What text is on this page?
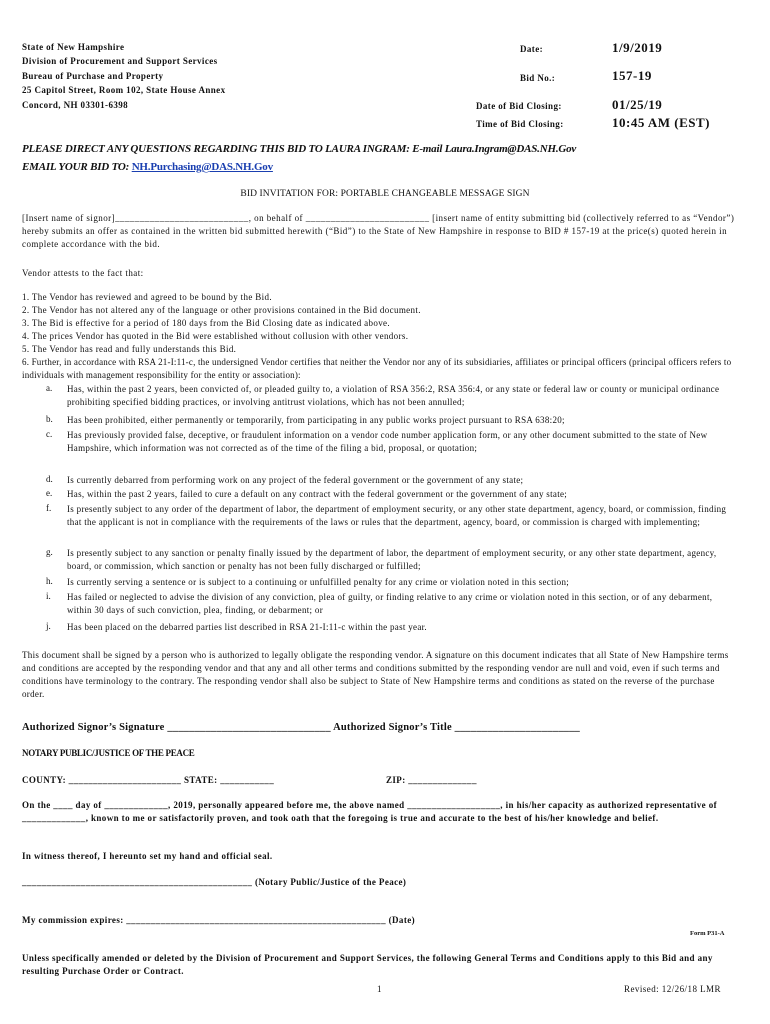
State of New Hampshire
Division of Procurement and Support Services
Bureau of Purchase and Property
25 Capitol Street, Room 102, State House Annex
Concord, NH 03301-6398
Date:	1/9/2019
Bid No.:	157-19
Date of Bid Closing:	01/25/19
Time of Bid Closing:	10:45 AM (EST)
PLEASE DIRECT ANY QUESTIONS REGARDING THIS BID TO LAURA INGRAM: E-mail Laura.Ingram@DAS.NH.Gov
EMAIL YOUR BID TO: NH.Purchasing@DAS.NH.Gov
BID INVITATION FOR: PORTABLE CHANGEABLE MESSAGE SIGN
[Insert name of signor]___________________________, on behalf of _________________________ [insert name of entity submitting bid (collectively referred to as “Vendor”) hereby submits an offer as contained in the written bid submitted herewith (“Bid”) to the State of New Hampshire in response to BID # 157-19 at the price(s) quoted herein in complete accordance with the bid.
Vendor attests to the fact that:
1. The Vendor has reviewed and agreed to be bound by the Bid.
2. The Vendor has not altered any of the language or other provisions contained in the Bid document.
3. The Bid is effective for a period of 180 days from the Bid Closing date as indicated above.
4. The prices Vendor has quoted in the Bid were established without collusion with other vendors.
5. The Vendor has read and fully understands this Bid.
6. Further, in accordance with RSA 21-I:11-c, the undersigned Vendor certifies that neither the Vendor nor any of its subsidiaries, affiliates or principal officers (principal officers refers to individuals with management responsibility for the entity or association):
a. Has, within the past 2 years, been convicted of, or pleaded guilty to, a violation of RSA 356:2, RSA 356:4, or any state or federal law or county or municipal ordinance prohibiting specified bidding practices, or involving antitrust violations, which has not been annulled;
b. Has been prohibited, either permanently or temporarily, from participating in any public works project pursuant to RSA 638:20;
c. Has previously provided false, deceptive, or fraudulent information on a vendor code number application form, or any other document submitted to the state of New Hampshire, which information was not corrected as of the time of the filing a bid, proposal, or quotation;
d. Is currently debarred from performing work on any project of the federal government or the government of any state;
e. Has, within the past 2 years, failed to cure a default on any contract with the federal government or the government of any state;
f. Is presently subject to any order of the department of labor, the department of employment security, or any other state department, agency, board, or commission, finding that the applicant is not in compliance with the requirements of the laws or rules that the department, agency, board, or commission is charged with implementing;
g. Is presently subject to any sanction or penalty finally issued by the department of labor, the department of employment security, or any other state department, agency, board, or commission, which sanction or penalty has not been fully discharged or fulfilled;
h. Is currently serving a sentence or is subject to a continuing or unfulfilled penalty for any crime or violation noted in this section;
i. Has failed or neglected to advise the division of any conviction, plea of guilty, or finding relative to any crime or violation noted in this section, or of any debarment, within 30 days of such conviction, plea, finding, or debarment; or
j. Has been placed on the debarred parties list described in RSA 21-I:11-c within the past year.
This document shall be signed by a person who is authorized to legally obligate the responding vendor. A signature on this document indicates that all State of New Hampshire terms and conditions are accepted by the responding vendor and that any and all other terms and conditions submitted by the responding vendor are null and void, even if such terms and conditions have terminology to the contrary. The responding vendor shall also be subject to State of New Hampshire terms and conditions as stated on the reverse of the purchase order.
Authorized Signor’s Signature ______________________________ Authorized Signor’s Title _______________________
NOTARY PUBLIC/JUSTICE OF THE PEACE
COUNTY: _______________________ STATE: ___________	ZIP: ______________
On the ____ day of _____________, 2019, personally appeared before me, the above named ___________________, in his/her capacity as authorized representative of _____________, known to me or satisfactorily proven, and took oath that the foregoing is true and accurate to the best of his/her knowledge and belief.
In witness thereof, I hereunto set my hand and official seal.
_______________________________________________ (Notary Public/Justice of the Peace)
My commission expires: _____________________________________________________ (Date)
Form P31-A
Unless specifically amended or deleted by the Division of Procurement and Support Services, the following General Terms and Conditions apply to this Bid and any resulting Purchase Order or Contract.
1	Revised: 12/26/18 LMR
